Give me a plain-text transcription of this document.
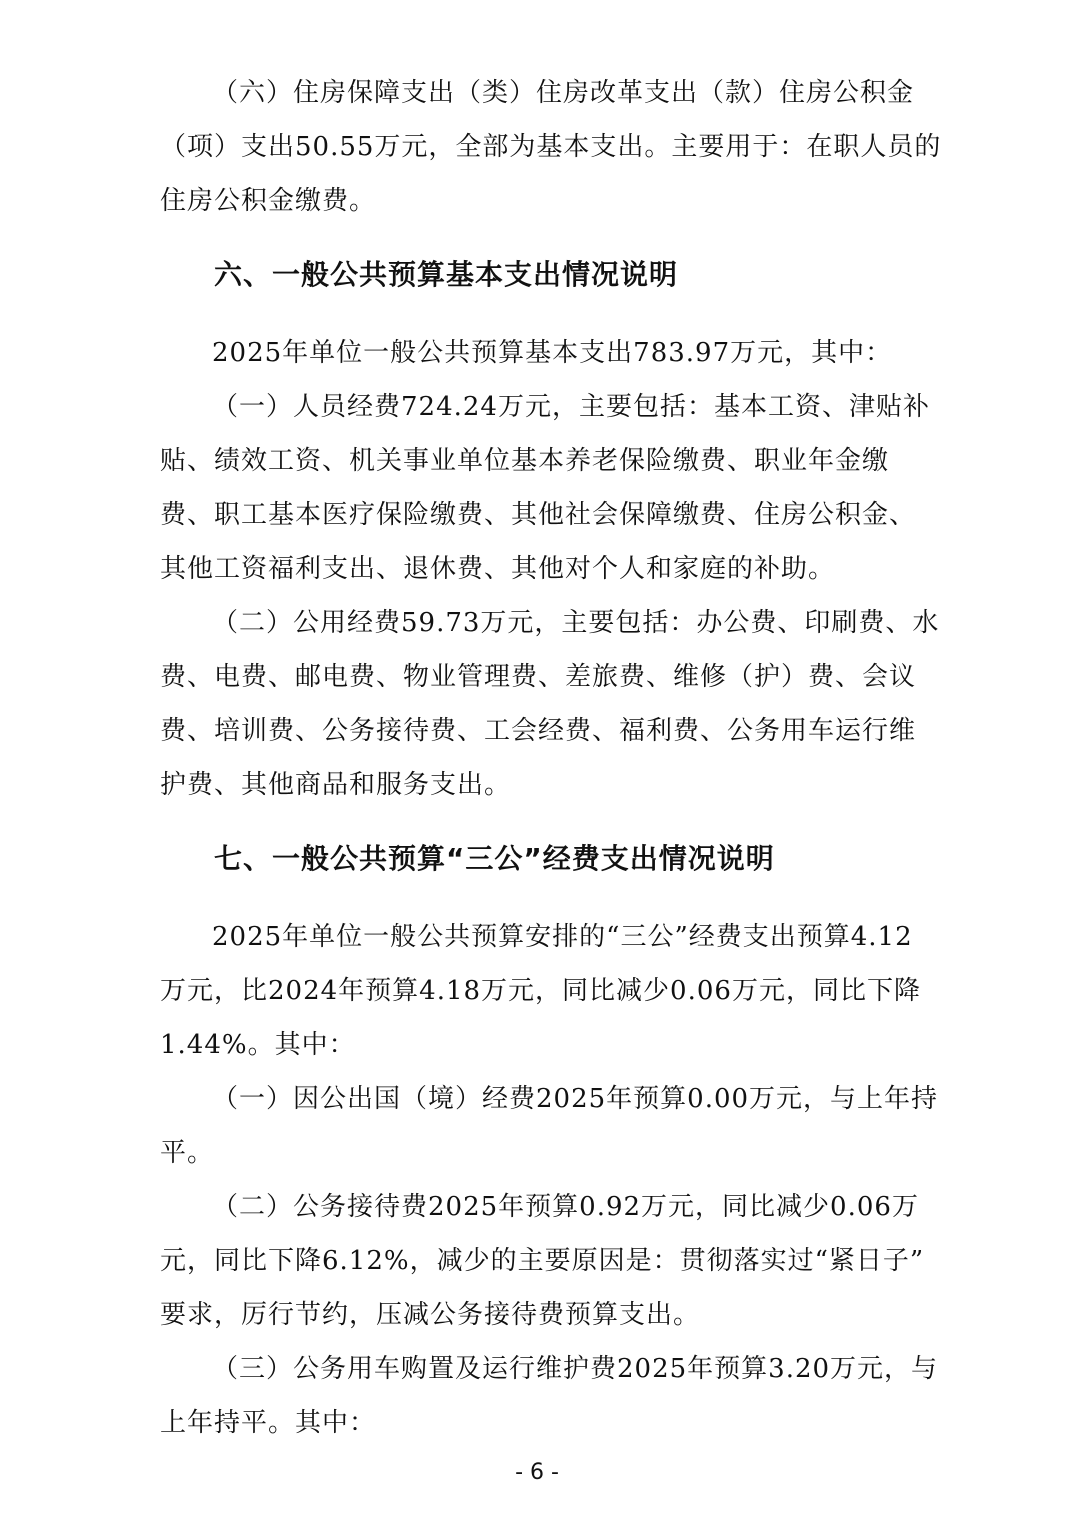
（六）住房保障支出（类）住房改革支出（款）住房公积金
（项）支出50.55万元，全部为基本支出。主要用于：在职人员的
住房公积金缴费。
六、一般公共预算基本支出情况说明
2025年单位一般公共预算基本支出783.97万元，其中：
（一）人员经费724.24万元，主要包括：基本工资、津贴补
贴、绩效工资、机关事业单位基本养老保险缴费、职业年金缴
费、职工基本医疗保险缴费、其他社会保障缴费、住房公积金、
其他工资福利支出、退休费、其他对个人和家庭的补助。
（二）公用经费59.73万元，主要包括：办公费、印刷费、水
费、电费、邮电费、物业管理费、差旅费、维修（护）费、会议
费、培训费、公务接待费、工会经费、福利费、公务用车运行维
护费、其他商品和服务支出。
七、一般公共预算“三公”经费支出情况说明
2025年单位一般公共预算安排的“三公”经费支出预算4.12
万元，比2024年预算4.18万元，同比减少0.06万元，同比下降
1.44%。其中：
（一）因公出国（境）经费2025年预算0.00万元，与上年持
平。
（二）公务接待费2025年预算0.92万元，同比减少0.06万
元，同比下降6.12%，减少的主要原因是：贯彻落实过“紧日子”
要求，厉行节约，压减公务接待费预算支出。
（三）公务用车购置及运行维护费2025年预算3.20万元，与
上年持平。其中：
- 6 -
